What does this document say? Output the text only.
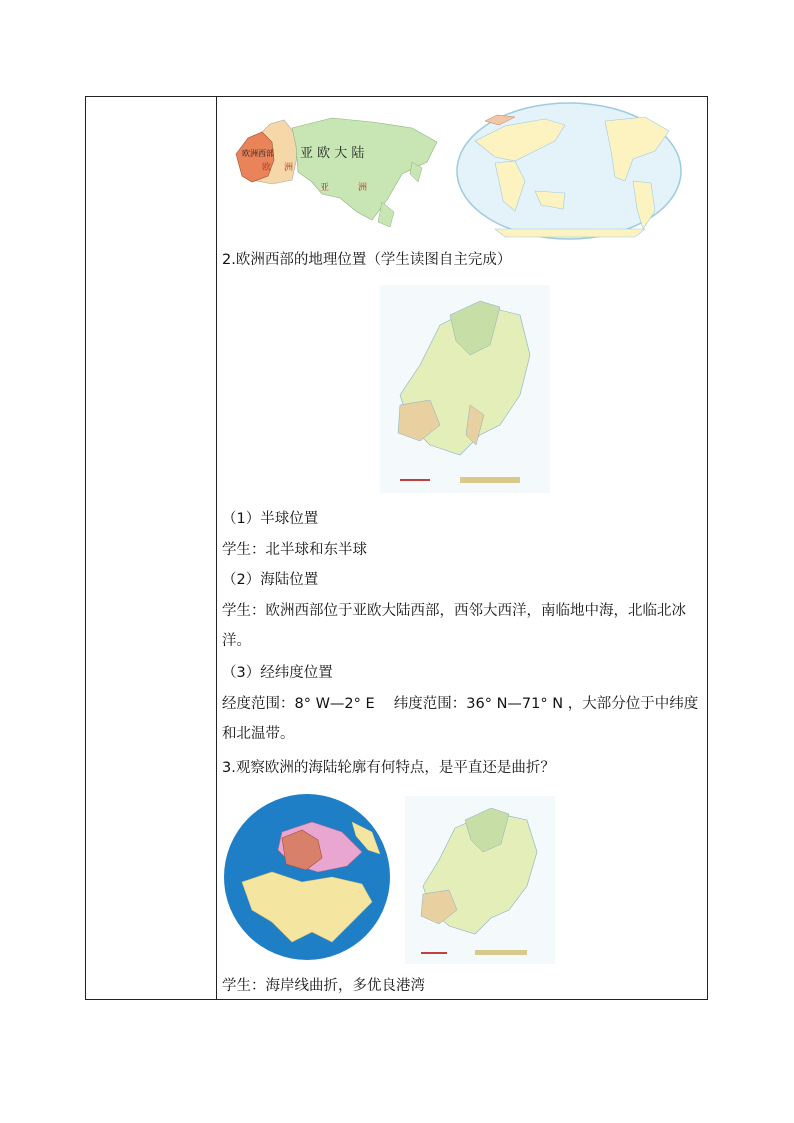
亚 欧 大 陆
欧洲西部
欧 洲
亚	洲
2.欧洲西部的地理位置（学生读图自主完成）
（1）半球位置
学生：北半球和东半球
（2）海陆位置
学生：欧洲西部位于亚欧大陆西部，西邻大西洋，南临地中海，北临北冰洋。
（3）经纬度位置
经度范围：8° W—2° E　 纬度范围：36° N—71° N ，大部分位于中纬度和北温带。
3.观察欧洲的海陆轮廓有何特点，是平直还是曲折？
学生：海岸线曲折，多优良港湾
